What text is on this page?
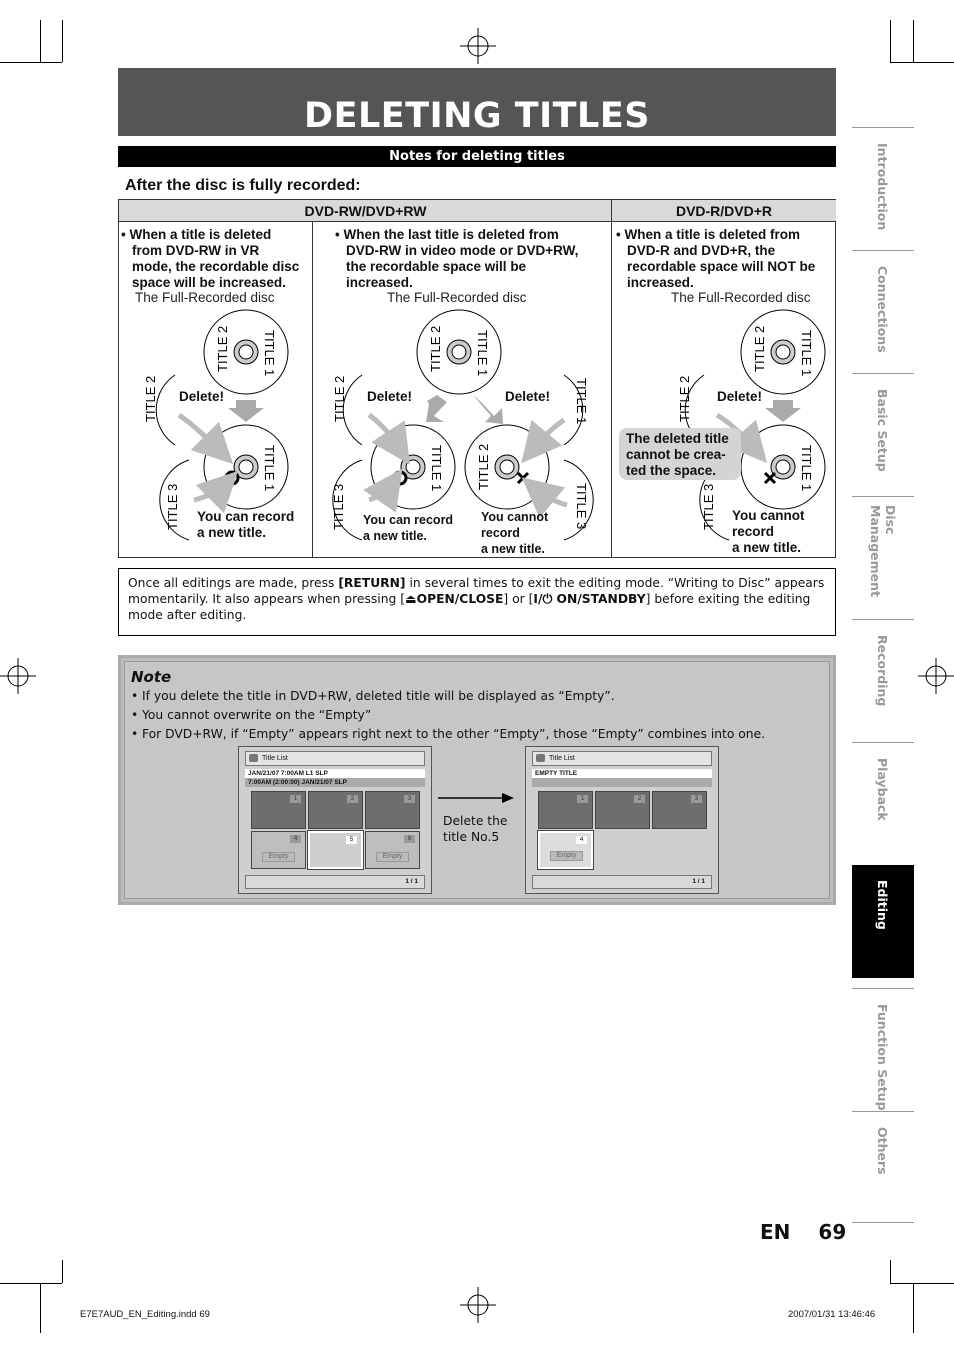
DELETING TITLES
Notes for deleting titles
After the disc is fully recorded:
DVD-RW/DVD+RW	DVD-R/DVD+R
• When a title is deleted
from DVD-RW in VR
mode, the recordable disc
space will be increased.
The Full-Recorded disc
• When the last title is deleted from
DVD-RW in video mode or DVD+RW,
the recordable space will be
increased.
The Full-Recorded disc
• When a title is deleted from
DVD-R and DVD+R, the
recordable space will NOT be
increased.
The Full-Recorded disc
TITLE 2
TITLE 2 TITLE 1
TITLE 3
TITLE 1
TITLE 2 TITLE 1
TITLE 2
TITLE 3
TITLE 1 TITLE 2
TITLE 1
TITLE 3
TITLE 2 TITLE 1
TITLE 2
TITLE 3
TITLE 1
Delete!
You can record
a new title.
Delete!	Delete!
You can record
a new title.
You cannot
record
a new title.
Delete!
The deleted title
cannot be crea-
ted the space.
You cannot
record
a new title.
Once all editings are made, press [RETURN] in several times to exit the editing mode. “Writing to Disc” appears momentarily. It also appears when pressing [⏏OPEN/CLOSE] or [I/⏻ ON/STANDBY] before exiting the editing mode after editing.
Note
• If you delete the title in DVD+RW, deleted title will be displayed as “Empty”.
• You cannot overwrite on the “Empty”
• For DVD+RW, if “Empty” appears right next to the other “Empty”, those “Empty” combines into one.
Title List
JAN/21/07 7:00AM L1 SLP
7:00AM (2:00:00) JAN/21/07 SLP
1	2	3
4
Empty
5	6
Empty
1 / 1
Delete the
title No.5
Title List
EMPTY TITLE
1	2	3
4
Empty
1 / 1
Introduction
Connections
Basic Setup
Disc Management
Recording
Playback
Editing
Function Setup
Others
EN 69
E7E7AUD_EN_Editing.indd 69	2007/01/31 13:46:46
